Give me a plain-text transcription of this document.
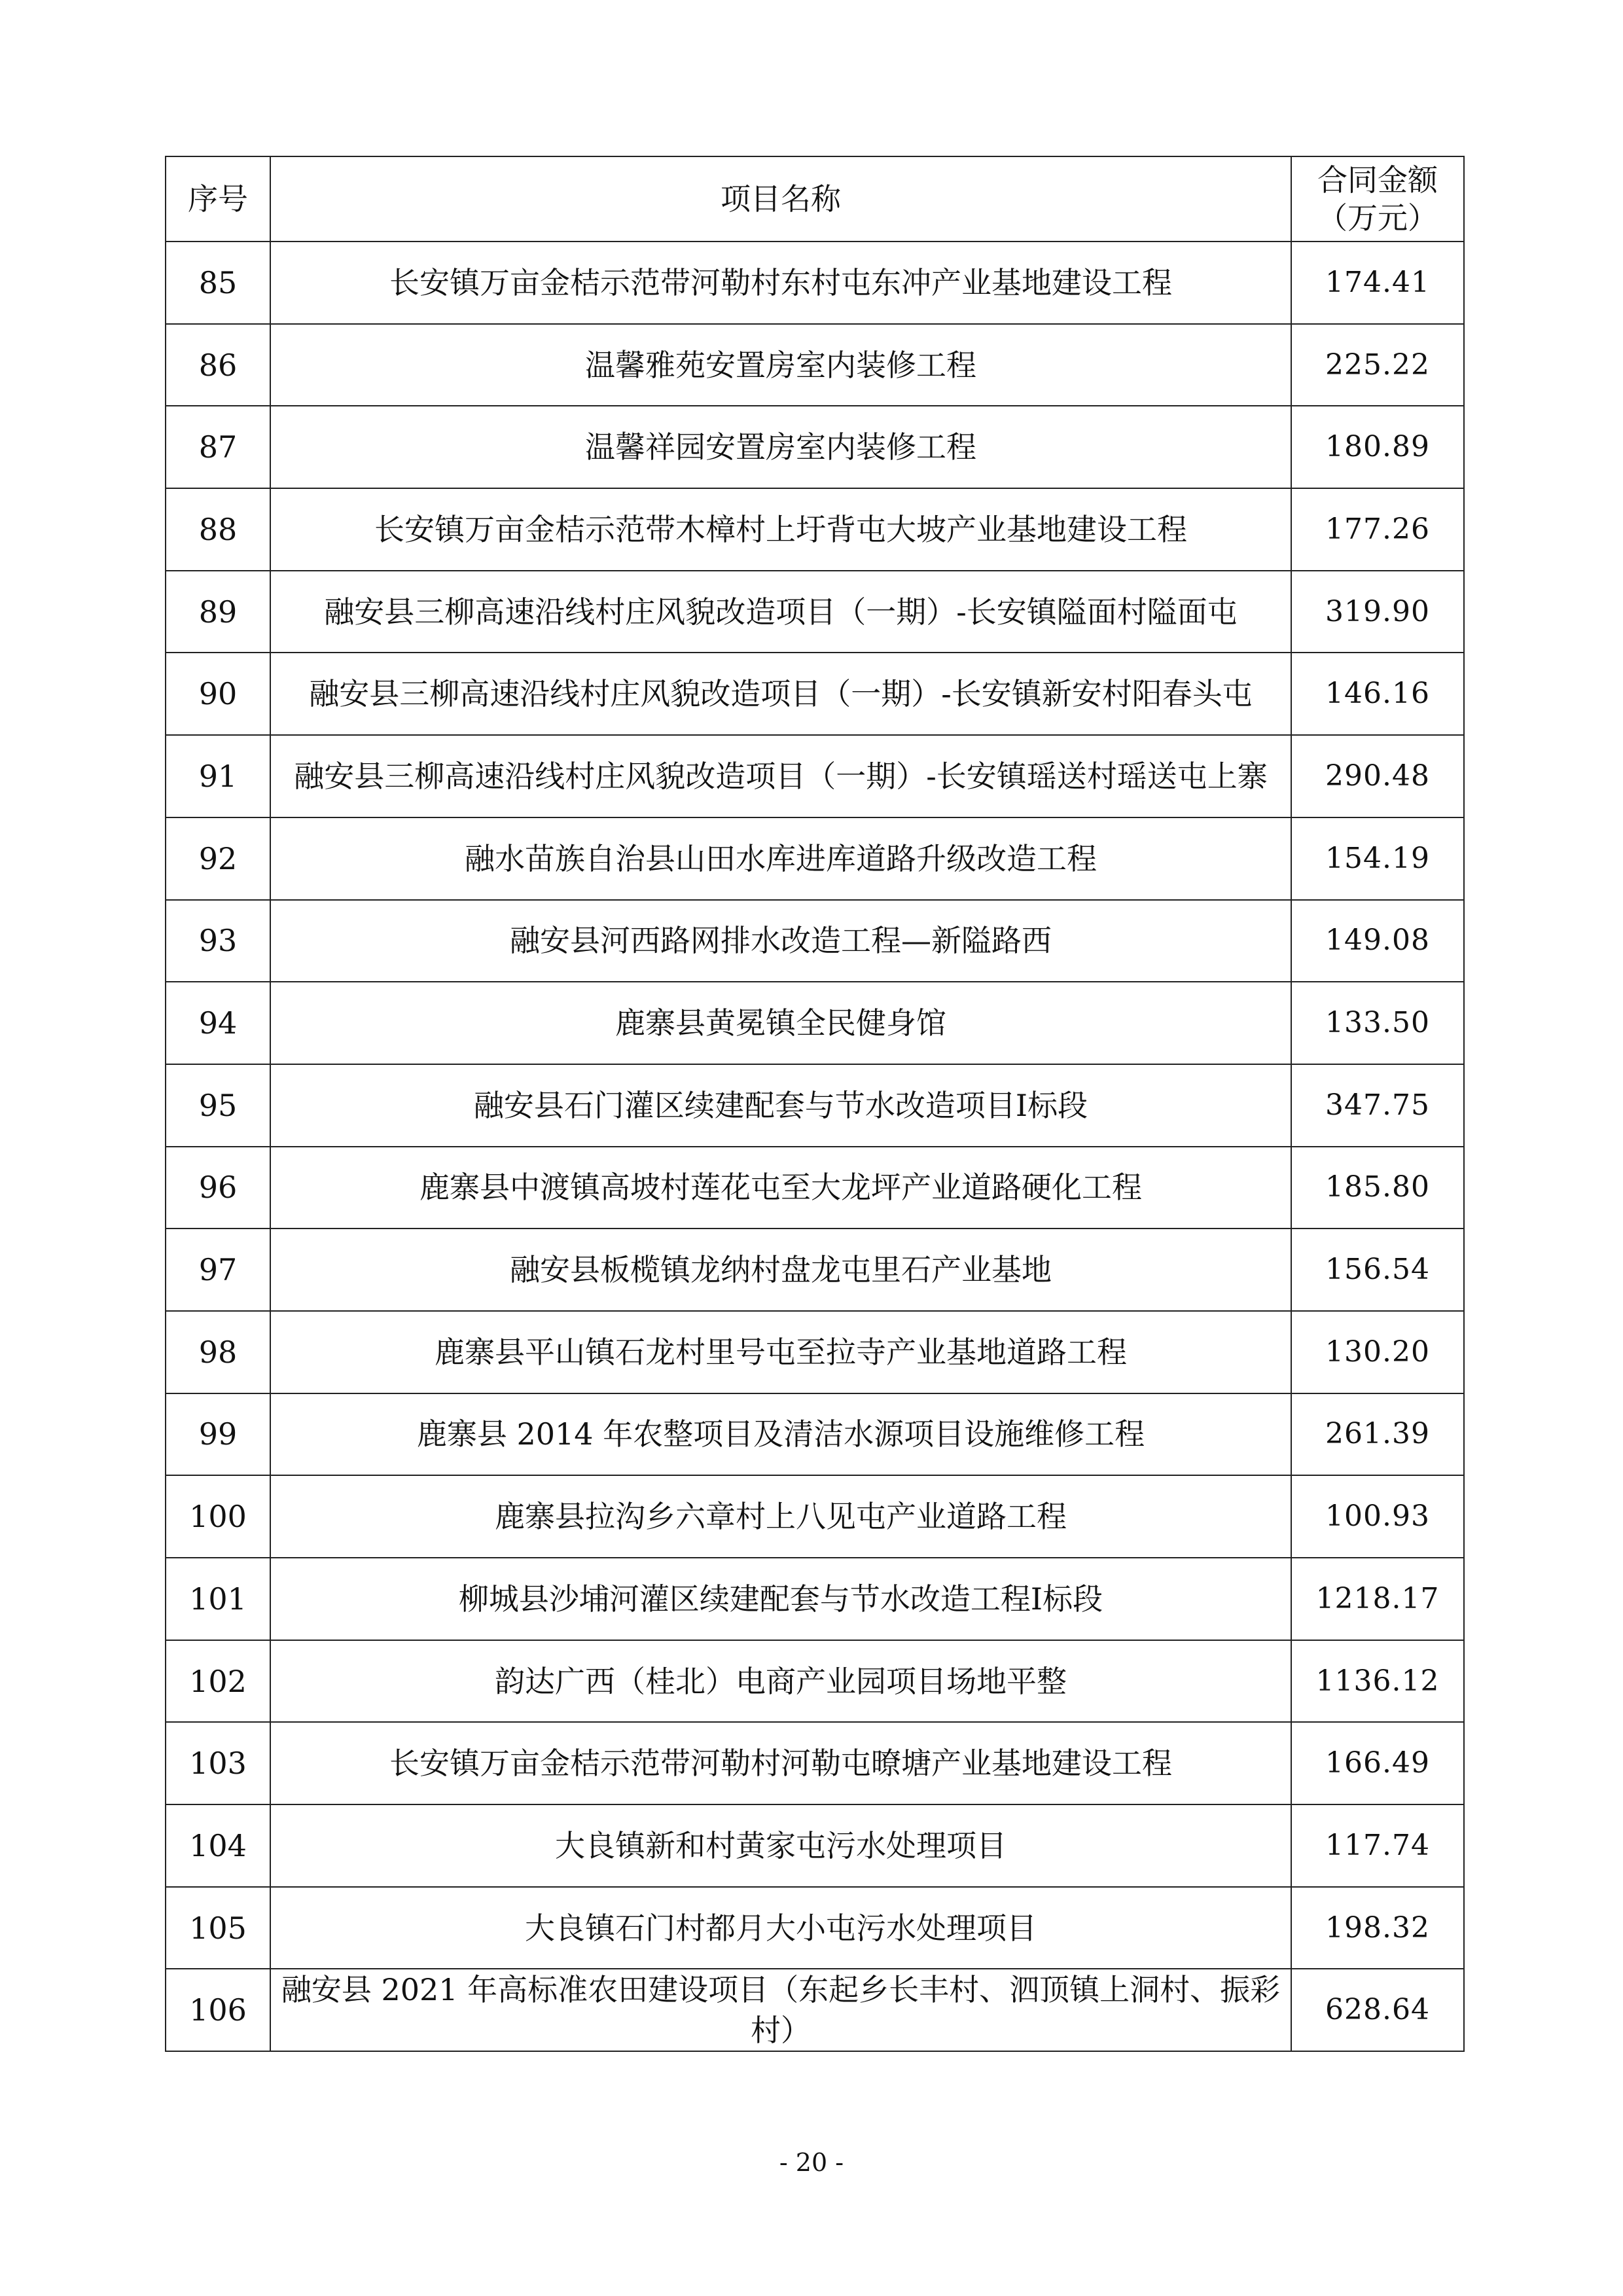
序号	项目名称	合同金额（万元）
85	长安镇万亩金桔示范带河勒村东村屯东冲产业基地建设工程	174.41
86	温馨雅苑安置房室内装修工程	225.22
87	温馨祥园安置房室内装修工程	180.89
88	长安镇万亩金桔示范带木樟村上圩背屯大坡产业基地建设工程	177.26
89	融安县三柳高速沿线村庄风貌改造项目（一期）-长安镇隘面村隘面屯	319.90
90	融安县三柳高速沿线村庄风貌改造项目（一期）-长安镇新安村阳春头屯	146.16
91	融安县三柳高速沿线村庄风貌改造项目（一期）-长安镇瑶送村瑶送屯上寨	290.48
92	融水苗族自治县山田水库进库道路升级改造工程	154.19
93	融安县河西路网排水改造工程—新隘路西	149.08
94	鹿寨县黄冕镇全民健身馆	133.50
95	融安县石门灌区续建配套与节水改造项目Ⅰ标段	347.75
96	鹿寨县中渡镇高坡村莲花屯至大龙坪产业道路硬化工程	185.80
97	融安县板榄镇龙纳村盘龙屯里石产业基地	156.54
98	鹿寨县平山镇石龙村里号屯至拉寺产业基地道路工程	130.20
99	鹿寨县 2014 年农整项目及清洁水源项目设施维修工程	261.39
100	鹿寨县拉沟乡六章村上八见屯产业道路工程	100.93
101	柳城县沙埔河灌区续建配套与节水改造工程Ⅰ标段	1218.17
102	韵达广西（桂北）电商产业园项目场地平整	1136.12
103	长安镇万亩金桔示范带河勒村河勒屯暸塘产业基地建设工程	166.49
104	大良镇新和村黄家屯污水处理项目	117.74
105	大良镇石门村都月大小屯污水处理项目	198.32
106	融安县 2021 年高标准农田建设项目（东起乡长丰村、泗顶镇上洞村、振彩村）	628.64
- 20 -
